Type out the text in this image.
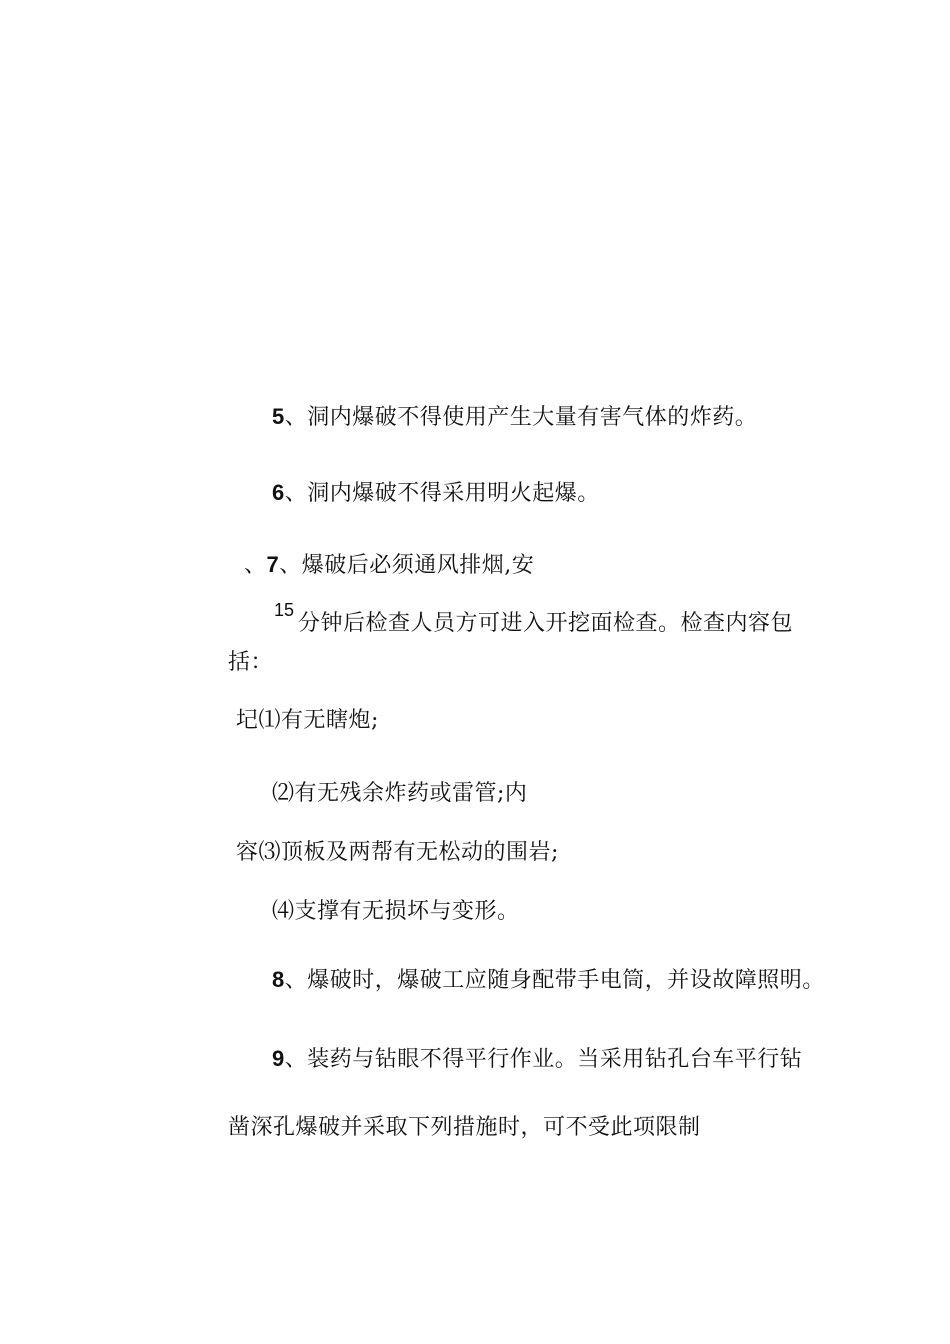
5、洞内爆破不得使用产生大量有害气体的炸药。
6、洞内爆破不得采用明火起爆。
、7、爆破后必须通风排烟,安
15
分钟后检查人员方可进入开挖面检查。检查内容包
括：
圮⑴有无瞎炮;
⑵有无残余炸药或雷管;内
容⑶顶板及两帮有无松动的围岩;
⑷支撑有无损坏与变形。
8、爆破时，爆破工应随身配带手电筒，并设故障照明。
9、装药与钻眼不得平行作业。当采用钻孔台车平行钻
凿深孔爆破并采取下列措施时，可不受此项限制
